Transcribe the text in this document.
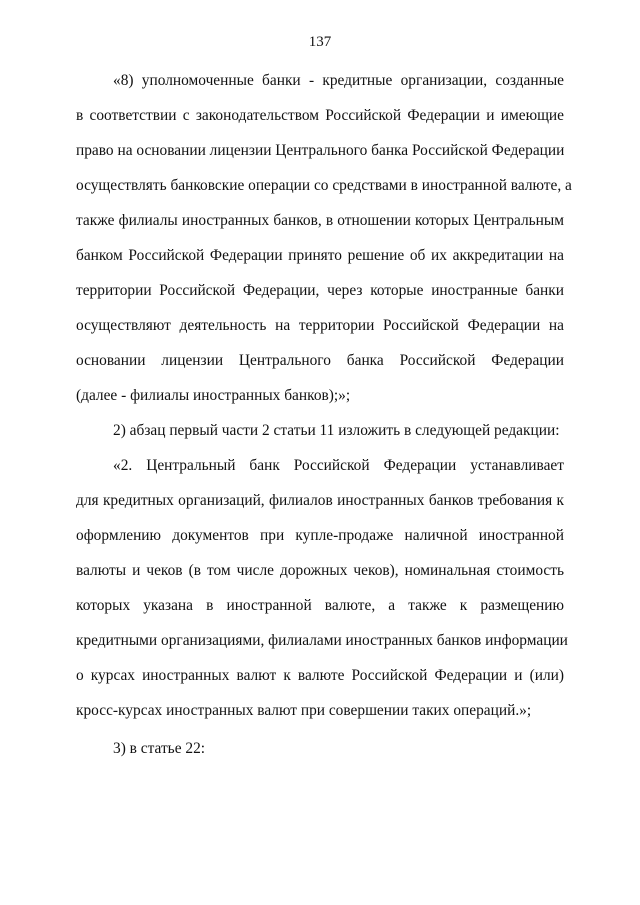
137
«8) уполномоченные банки - кредитные организации, созданные
в соответствии с законодательством Российской Федерации и имеющие
право на основании лицензии Центрального банка Российской Федерации
осуществлять банковские операции со средствами в иностранной валюте, а
также филиалы иностранных банков, в отношении которых Центральным
банком Российской Федерации принято решение об их аккредитации на
территории Российской Федерации, через которые иностранные банки
осуществляют деятельность на территории Российской Федерации на
основании лицензии Центрального банка Российской Федерации
(далее - филиалы иностранных банков);»;
2) абзац первый части 2 статьи 11 изложить в следующей редакции:
«2. Центральный банк Российской Федерации устанавливает
для кредитных организаций, филиалов иностранных банков требования к
оформлению документов при купле-продаже наличной иностранной
валюты и чеков (в том числе дорожных чеков), номинальная стоимость
которых указана в иностранной валюте, а также к размещению
кредитными организациями, филиалами иностранных банков информации
о курсах иностранных валют к валюте Российской Федерации и (или)
кросс-курсах иностранных валют при совершении таких операций.»;
3) в статье 22:
